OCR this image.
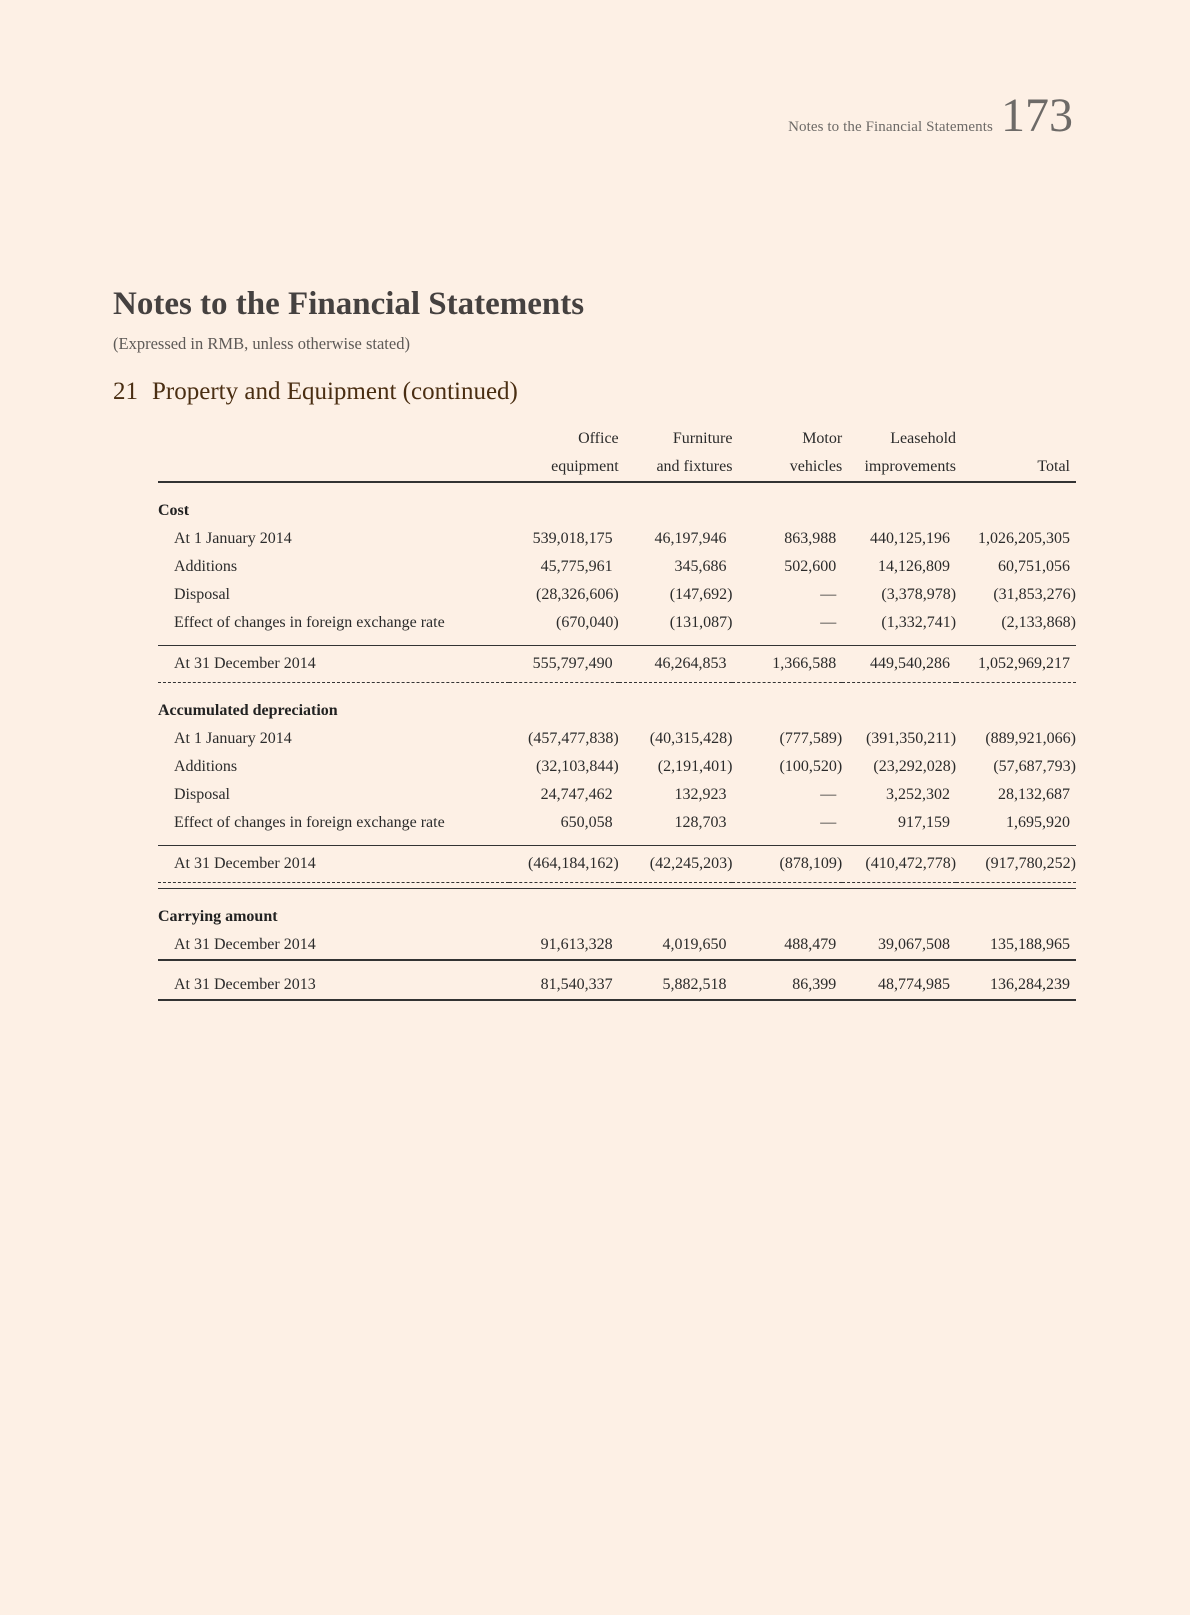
Notes to the Financial Statements 173
Notes to the Financial Statements
(Expressed in RMB, unless otherwise stated)
21 Property and Equipment (continued)
	Office	Furniture	Motor	Leasehold	
	equipment	and fixtures	vehicles	improvements	Total

Cost					
At 1 January 2014	539,018,175	46,197,946	863,988	440,125,196	1,026,205,305
Additions	45,775,961	345,686	502,600	14,126,809	60,751,056
Disposal	(28,326,606)	(147,692)	—	(3,378,978)	(31,853,276)
Effect of changes in foreign exchange rate	(670,040)	(131,087)	—	(1,332,741)	(2,133,868)

At 31 December 2014	555,797,490	46,264,853	1,366,588	449,540,286	1,052,969,217

Accumulated depreciation					
At 1 January 2014	(457,477,838)	(40,315,428)	(777,589)	(391,350,211)	(889,921,066)
Additions	(32,103,844)	(2,191,401)	(100,520)	(23,292,028)	(57,687,793)
Disposal	24,747,462	132,923	—	3,252,302	28,132,687
Effect of changes in foreign exchange rate	650,058	128,703	—	917,159	1,695,920

At 31 December 2014	(464,184,162)	(42,245,203)	(878,109)	(410,472,778)	(917,780,252)

Carrying amount					
At 31 December 2014	91,613,328	4,019,650	488,479	39,067,508	135,188,965

At 31 December 2013	81,540,337	5,882,518	86,399	48,774,985	136,284,239
